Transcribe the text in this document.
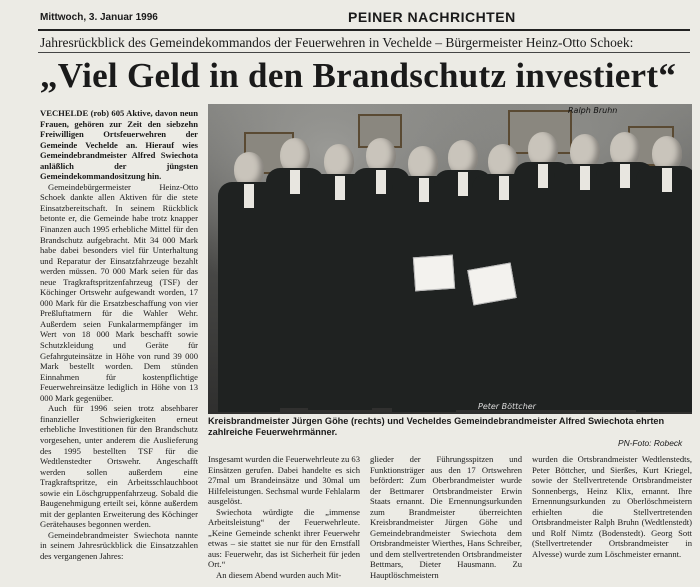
Mittwoch, 3. Januar 1996	PEINER NACHRICHTEN
Jahresrückblick des Gemeindekommandos der Feuerwehren in Vechelde – Bürgermeister Heinz-Otto Schoek:
„Viel Geld in den Brandschutz investiert“

VECHELDE (rob) 605 Aktive, davon neun Frauen, gehören zur Zeit den siebzehn Freiwilligen Ortsfeuerwehren der Gemeinde Vechelde an. Hierauf wies Gemeindebrandmeister Alfred Swiechota anläßlich der jüngsten Gemeindekommandositzung hin.

Gemeindebürgermeister Heinz-Otto Schoek dankte allen Aktiven für die stete Einsatzbereitschaft. In seinem Rückblick betonte er, die Gemeinde habe trotz knapper Finanzen auch 1995 erhebliche Mittel für den Brandschutz aufgebracht. Mit 34 000 Mark habe dabei besonders viel für Unterhaltung und Reparatur der Einsatzfahrzeuge bezahlt werden müssen. 70 000 Mark seien für das neue Tragkraftspritzenfahrzeug (TSF) der Köchinger Ortswehr aufgewandt worden, 17 000 Mark für die Ersatzbeschaffung von vier Preßluftatmern für die Wahler Wehr. Außerdem seien Funkalarmempfänger im Wert von 18 000 Mark beschafft sowie Schutzkleidung und Geräte für Gefahrguteinsätze in Höhe von rund 39 000 Mark bestellt worden. Dem stünden Einnahmen für kostenpflichtige Feuerwehreinsätze lediglich in Höhe von 13 000 Mark gegenüber.

Auch für 1996 seien trotz absehbarer finanzieller Schwierigkeiten erneut erhebliche Investitionen für den Brandschutz vorgesehen, unter anderem die Auslieferung des 1995 bestellten TSF für die Wedtlenstedter Ortswehr. Angeschafft werden sollen außerdem eine Tragkraftspritze, ein Arbeitsschlauchboot sowie ein Löschgruppenfahrzeug. Sobald die Baugenehmigung erteilt sei, könne außerdem mit der geplanten Erweiterung des Köchinger Gerätehauses begonnen werden.

Gemeindebrandmeister Swiechota nannte in seinem Jahresrückblick die Einsatzzahlen des vergangenen Jahres:

Ralph Bruhn
Peter Böttcher
Kreisbrandmeister Jürgen Göhe (rechts) und Vecheldes Gemeindebrandmeister Alfred Swiechota ehrten zahlreiche Feuerwehrmänner.
PN-Foto: Robeck

Insgesamt wurden die Feuerwehrleute zu 63 Einsätzen gerufen. Dabei handelte es sich 27mal um Brandeinsätze und 30mal um Hilfeleistungen. Sechsmal wurde Fehlalarm ausgelöst.

Swiechota würdigte die „immense Arbeitsleistung“ der Feuerwehrleute. „Keine Gemeinde schenkt ihrer Feuerwehr etwas – sie stattet sie nur für den Ernstfall aus: Feuerwehr, das ist Sicherheit für jeden Ort.“

An diesem Abend wurden auch Mit-

glieder der Führungsspitzen und Funktionsträger aus den 17 Ortswehren befördert: Zum Oberbrandmeister wurde der Bettmarer Ortsbrandmeister Erwin Staats ernannt. Die Ernennungsurkunden zum Brandmeister überreichten Kreisbrandmeister Jürgen Göhe und Gemeindebrandmeister Swiechota dem Ortsbrandmeister Wierthes, Hans Schreiber, und dem stellvertretenden Ortsbrandmeister Bettmars, Dieter Hausmann. Zu Hauptlöschmeistern

wurden die Ortsbrandmeister Wedtlenstedts, Peter Böttcher, und Sierßes, Kurt Kriegel, sowie der Stellvertretende Ortsbrandmeister Sonnenbergs, Heinz Klix, ernannt. Ihre Ernennungsurkunden zu Oberlöschmeistern erhielten die Stellvertretenden Ortsbrandmeister Ralph Bruhn (Wedtlenstedt) und Rolf Nimtz (Bodenstedt). Georg Sott (Stellvertretender Ortsbrandmeister in Alvesse) wurde zum Löschmeister ernannt.
